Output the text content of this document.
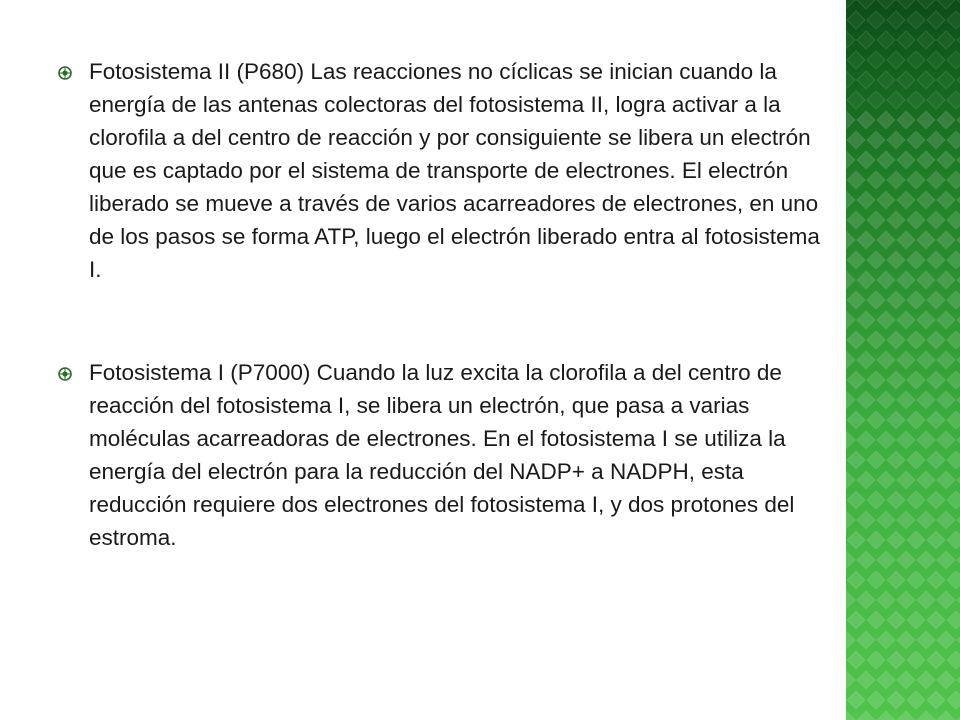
Fotosistema II (P680) Las reacciones no cíclicas se inician cuando la energía de las antenas colectoras del fotosistema II, logra activar a la clorofila a del centro de reacción y por consiguiente se libera un electrón que es captado por el sistema de transporte de electrones. El electrón liberado se mueve a través de varios acarreadores de electrones, en uno de los pasos se forma ATP, luego el electrón liberado entra al fotosistema I.
Fotosistema I (P7000) Cuando la luz excita la clorofila a del centro de reacción del fotosistema I, se libera un electrón, que pasa a varias moléculas acarreadoras de electrones. En el fotosistema I se utiliza la energía del electrón para la reducción del NADP+ a NADPH, esta reducción requiere dos electrones del fotosistema I, y dos protones del estroma.
